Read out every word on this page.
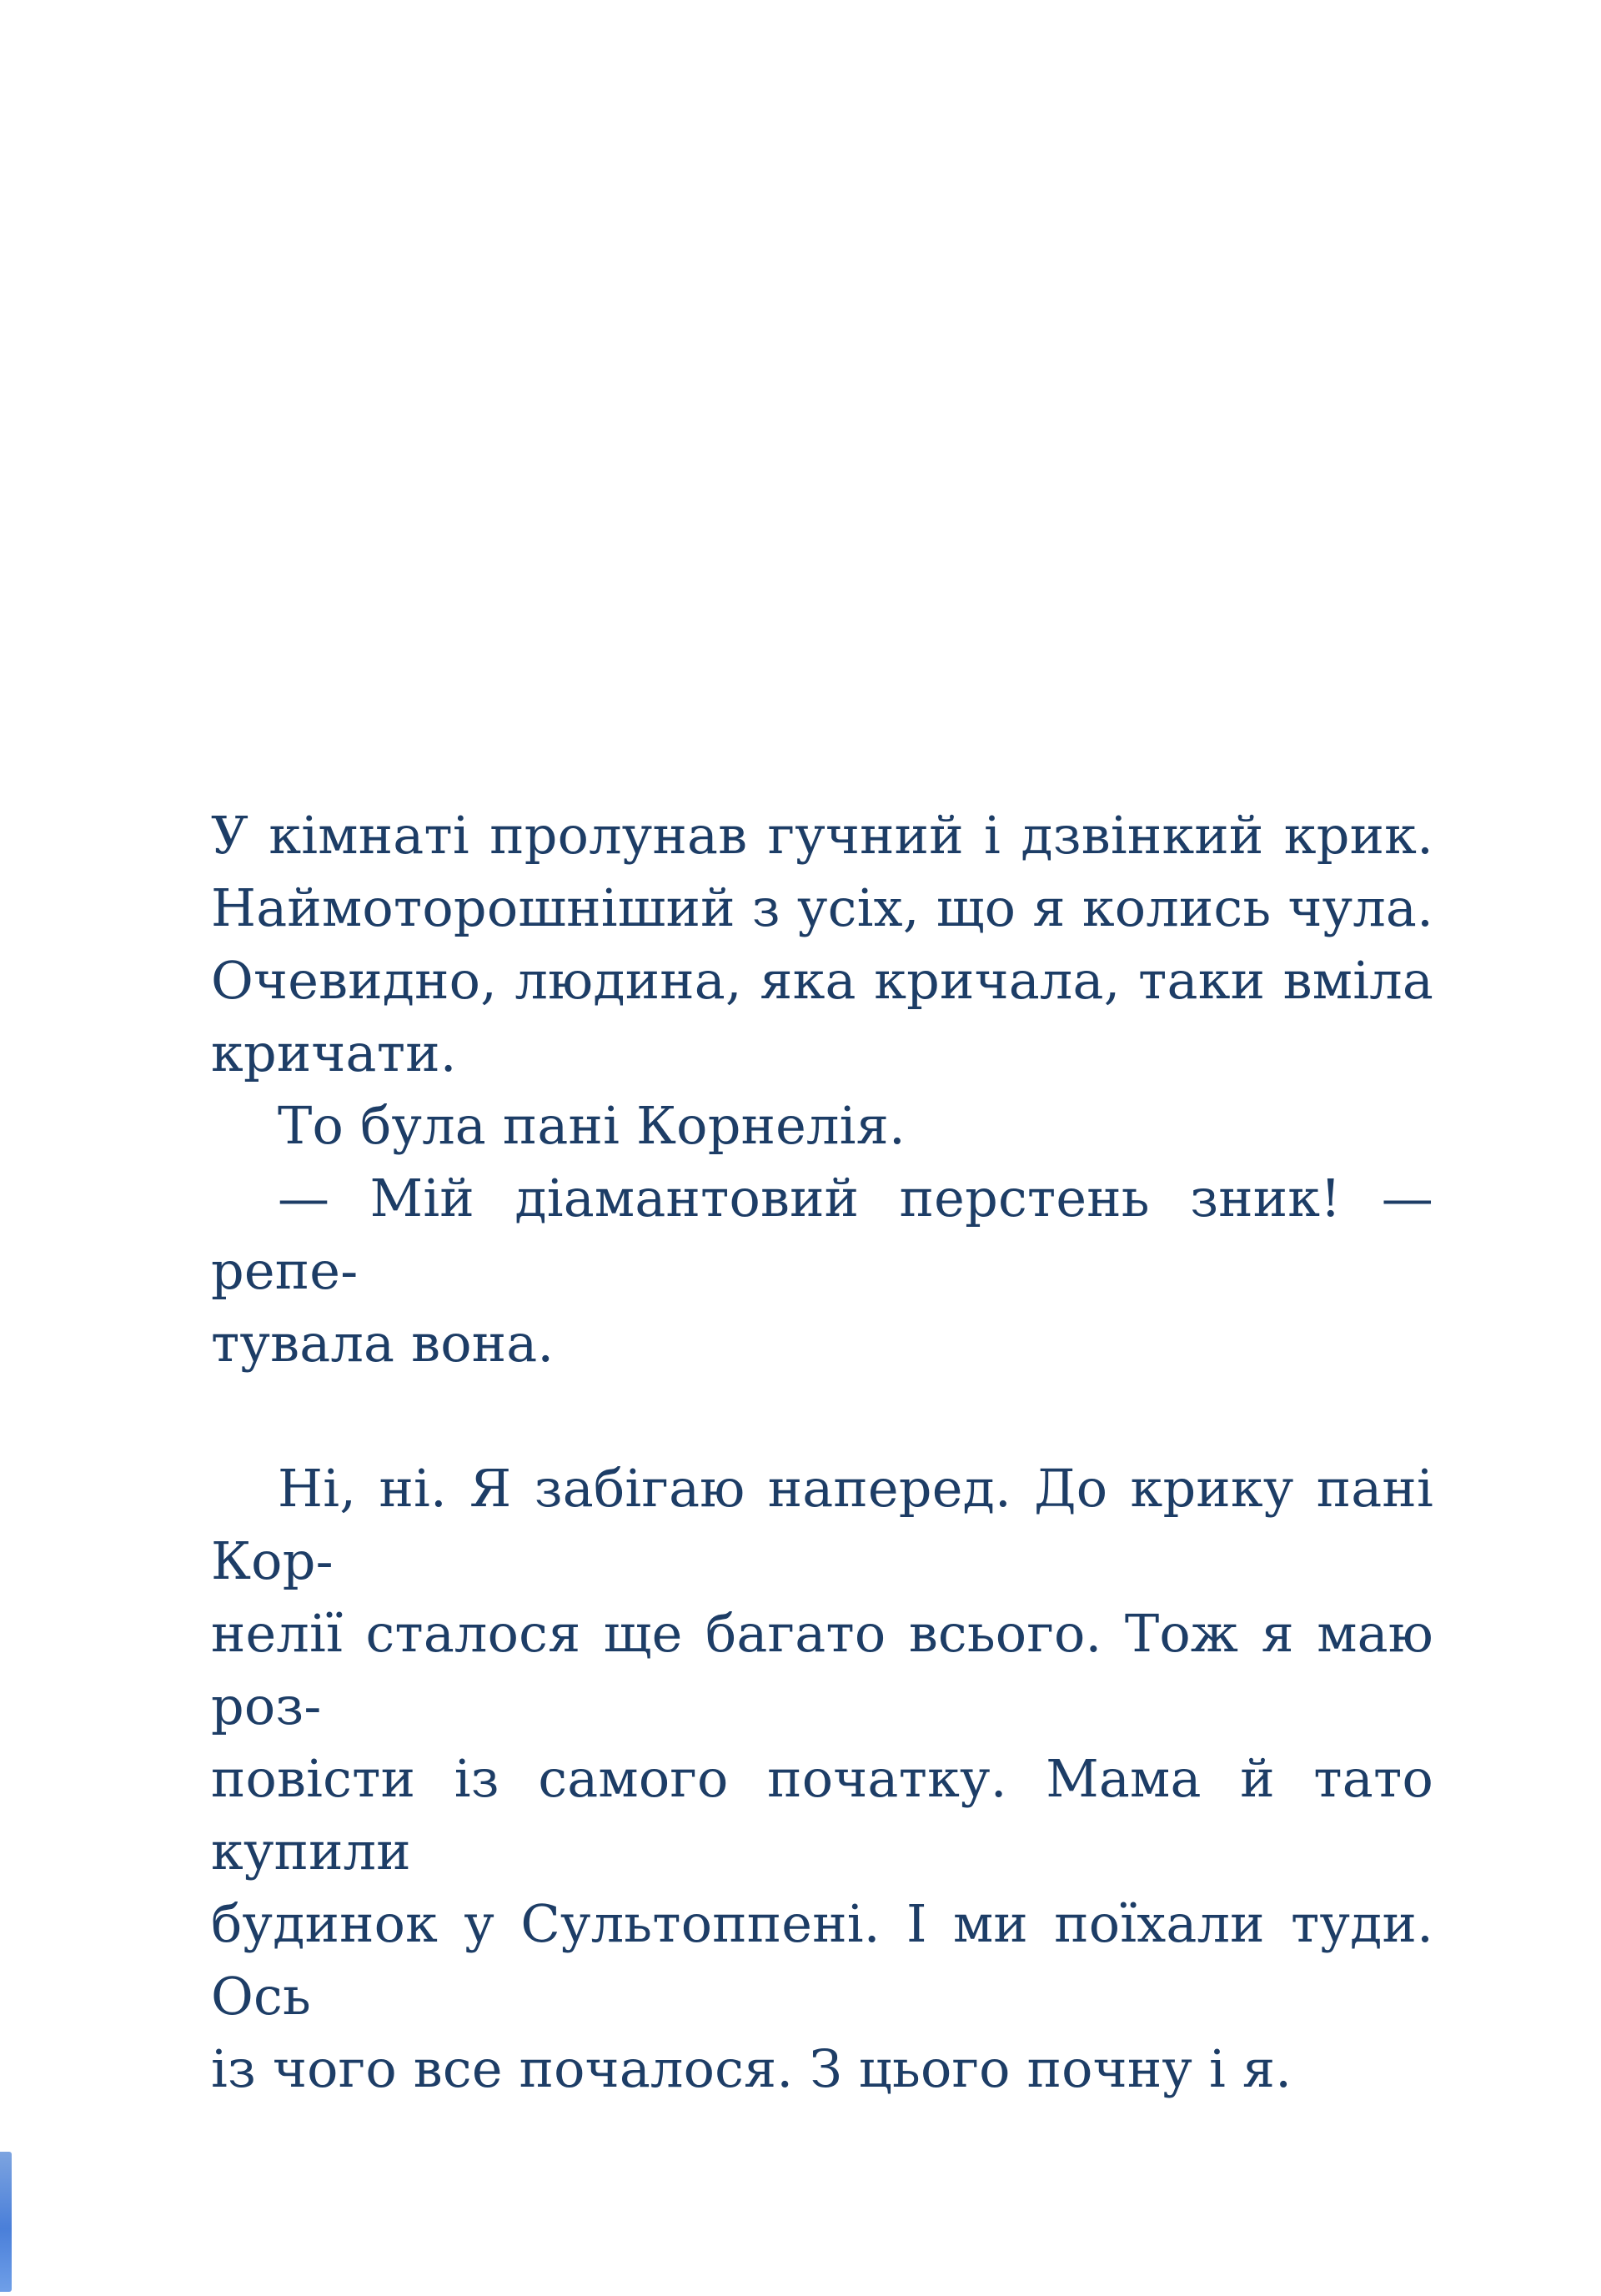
У кімнаті пролунав гучний і дзвінкий крик.
Наймоторошніший з усіх, що я колись чула.
Очевидно, людина, яка кричала, таки вміла
кричати.
То була пані Корнелія.
— Мій діамантовий перстень зник! — репе-
тувала вона.
Ні, ні. Я забігаю наперед. До крику пані Кор-
нелії сталося ще багато всього. Тож я маю роз-
повісти із самого початку. Мама й тато купили
будинок у Сультоппені. І ми поїхали туди. Ось
із чого все почалося. З цього почну і я.
